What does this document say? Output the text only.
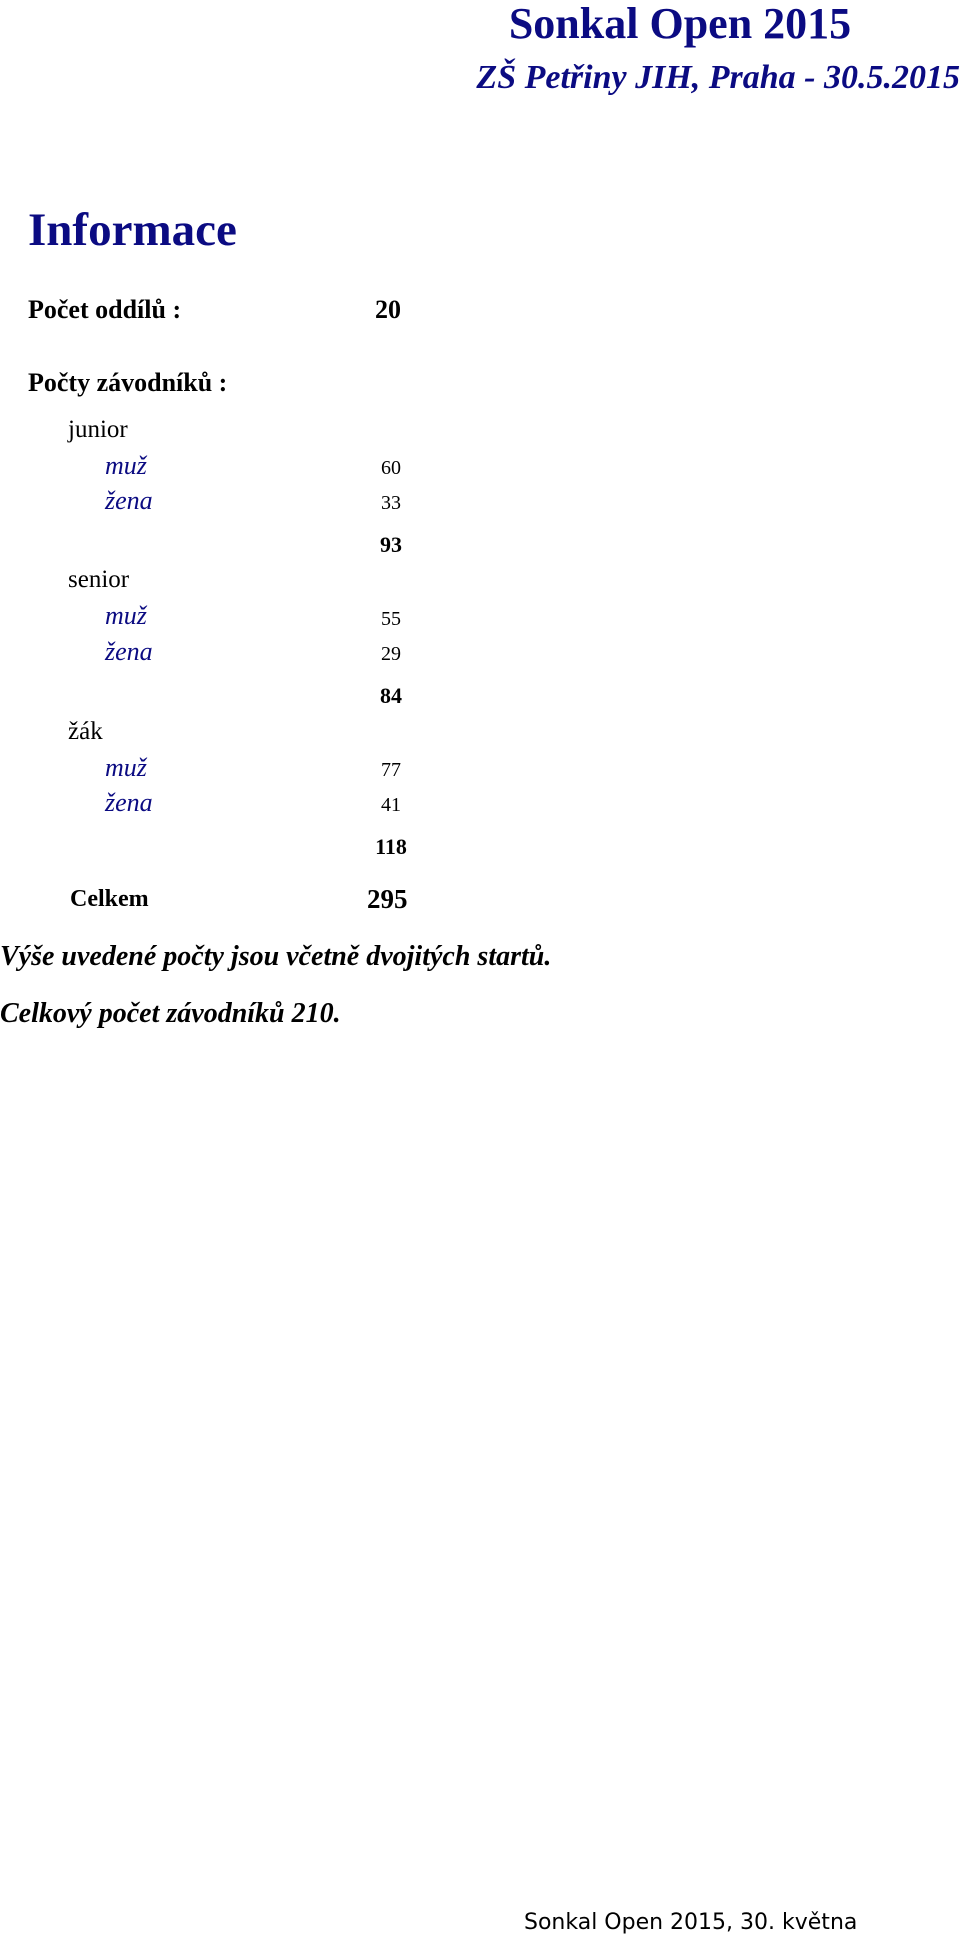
Sonkal Open 2015
ZŠ Petřiny JIH, Praha - 30.5.2015
Informace
Počet oddílů :	20
Počty závodníků :
junior
muž	60
žena	33
93
senior
muž	55
žena	29
84
žák
muž	77
žena	41
118
Celkem	295
Výše uvedené počty jsou včetně dvojitých startů.
Celkový počet závodníků 210.
Sonkal Open 2015, 30. května
